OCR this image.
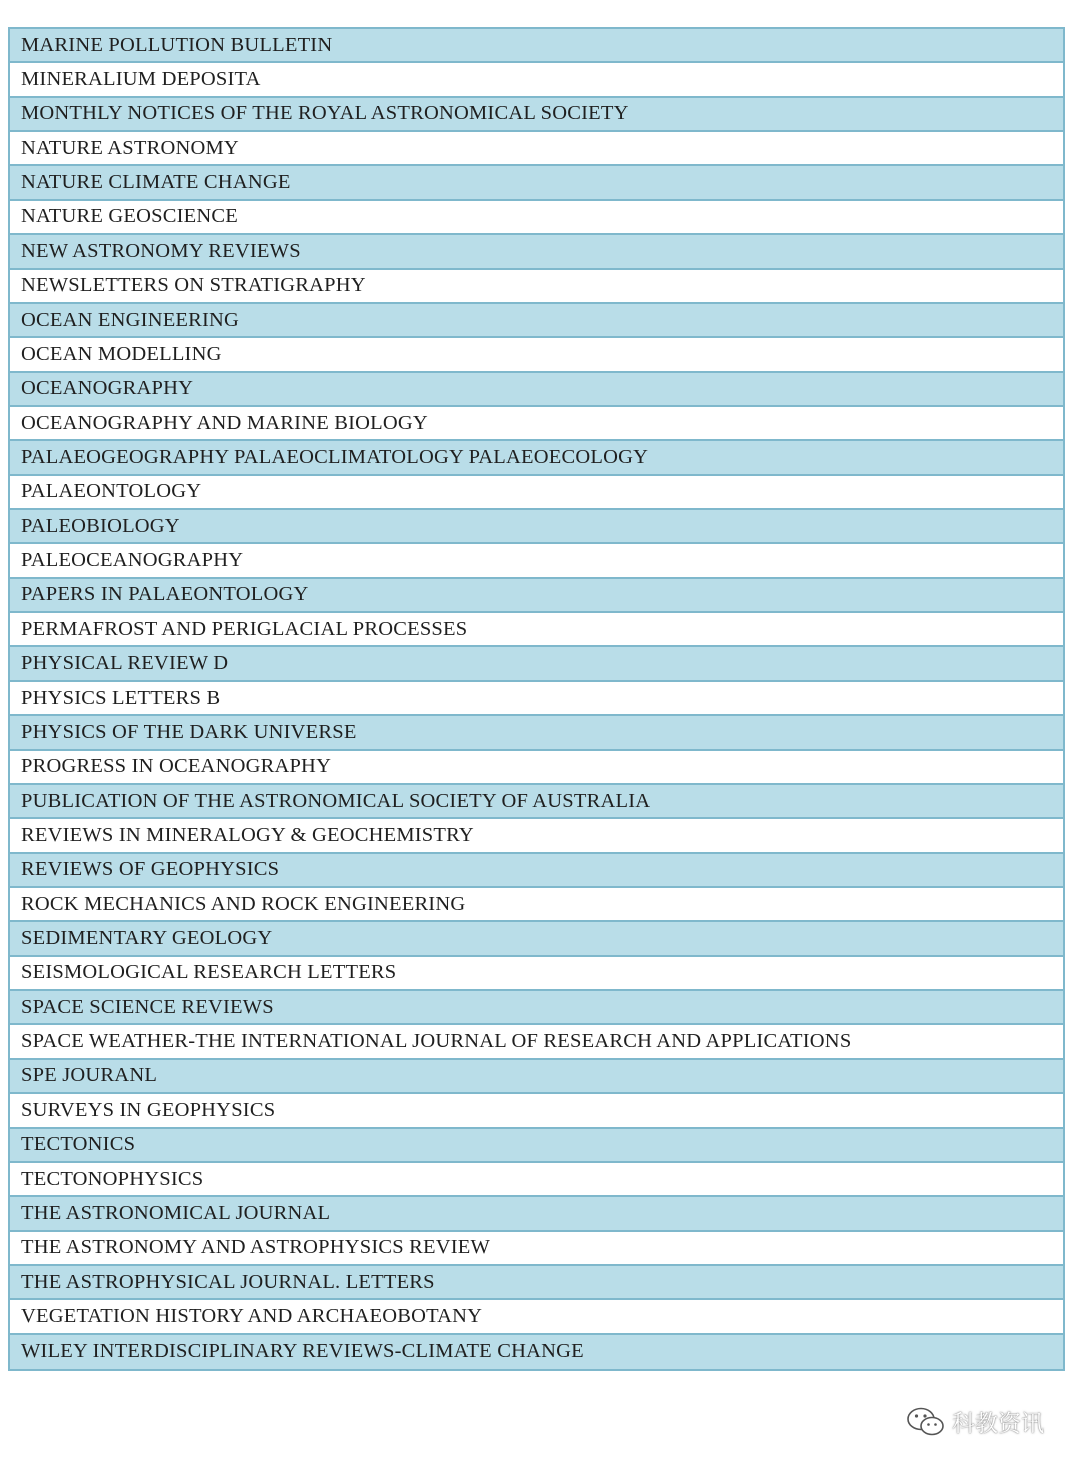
MARINE POLLUTION BULLETIN
MINERALIUM DEPOSITA
MONTHLY NOTICES OF THE ROYAL ASTRONOMICAL SOCIETY
NATURE ASTRONOMY
NATURE CLIMATE CHANGE
NATURE GEOSCIENCE
NEW ASTRONOMY REVIEWS
NEWSLETTERS ON STRATIGRAPHY
OCEAN ENGINEERING
OCEAN MODELLING
OCEANOGRAPHY
OCEANOGRAPHY AND MARINE BIOLOGY
PALAEOGEOGRAPHY PALAEOCLIMATOLOGY PALAEOECOLOGY
PALAEONTOLOGY
PALEOBIOLOGY
PALEOCEANOGRAPHY
PAPERS IN PALAEONTOLOGY
PERMAFROST AND PERIGLACIAL PROCESSES
PHYSICAL REVIEW D
PHYSICS LETTERS B
PHYSICS OF THE DARK UNIVERSE
PROGRESS IN OCEANOGRAPHY
PUBLICATION OF THE ASTRONOMICAL SOCIETY OF AUSTRALIA
REVIEWS IN MINERALOGY & GEOCHEMISTRY
REVIEWS OF GEOPHYSICS
ROCK MECHANICS AND ROCK ENGINEERING
SEDIMENTARY GEOLOGY
SEISMOLOGICAL RESEARCH LETTERS
SPACE SCIENCE REVIEWS
SPACE WEATHER-THE INTERNATIONAL JOURNAL OF RESEARCH AND APPLICATIONS
SPE JOURANL
SURVEYS IN GEOPHYSICS
TECTONICS
TECTONOPHYSICS
THE ASTRONOMICAL JOURNAL
THE ASTRONOMY AND ASTROPHYSICS REVIEW
THE ASTROPHYSICAL JOURNAL. LETTERS
VEGETATION HISTORY AND ARCHAEOBOTANY
WILEY INTERDISCIPLINARY REVIEWS-CLIMATE CHANGE
科教资讯
